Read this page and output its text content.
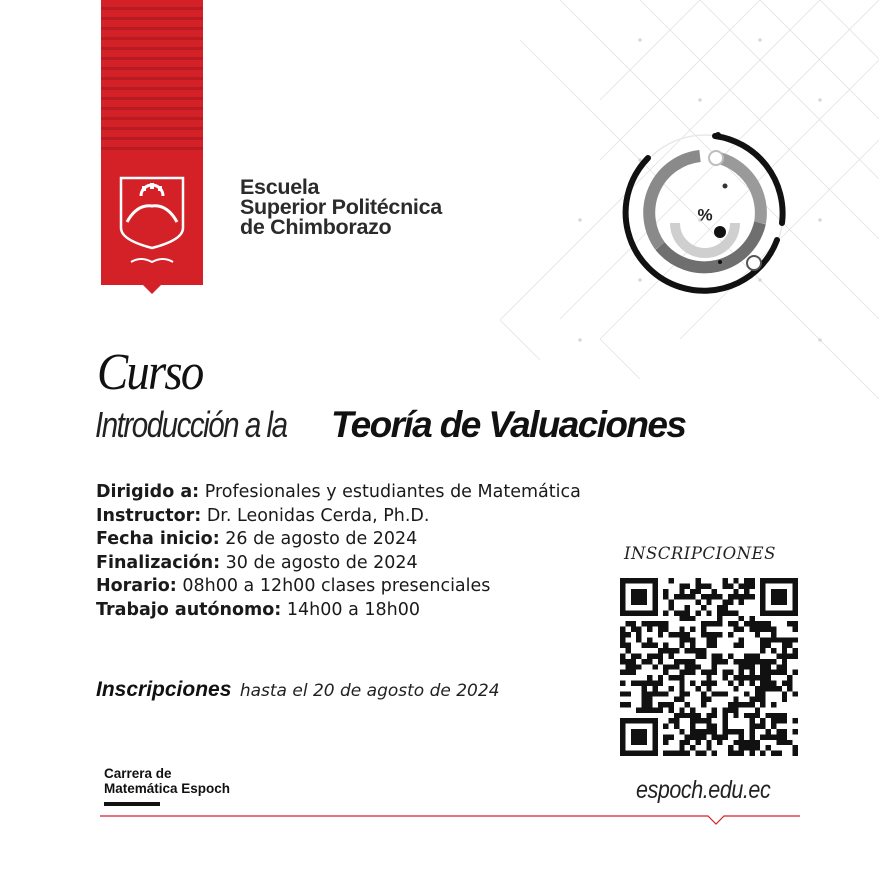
Escuela
Superior Politécnica
de Chimborazo
%
Curso
Introducción a la Teoría de Valuaciones
Dirigido a: Profesionales y estudiantes de Matemática
Instructor: Dr. Leonidas Cerda, Ph.D.
Fecha inicio: 26 de agosto de 2024
Finalización: 30 de agosto de 2024
Horario: 08h00 a 12h00 clases presenciales
Trabajo autónomo: 14h00 a 18h00
Inscripciones hasta el 20 de agosto de 2024
INSCRIPCIONES
Carrera de
Matemática Espoch	espoch.edu.ec
